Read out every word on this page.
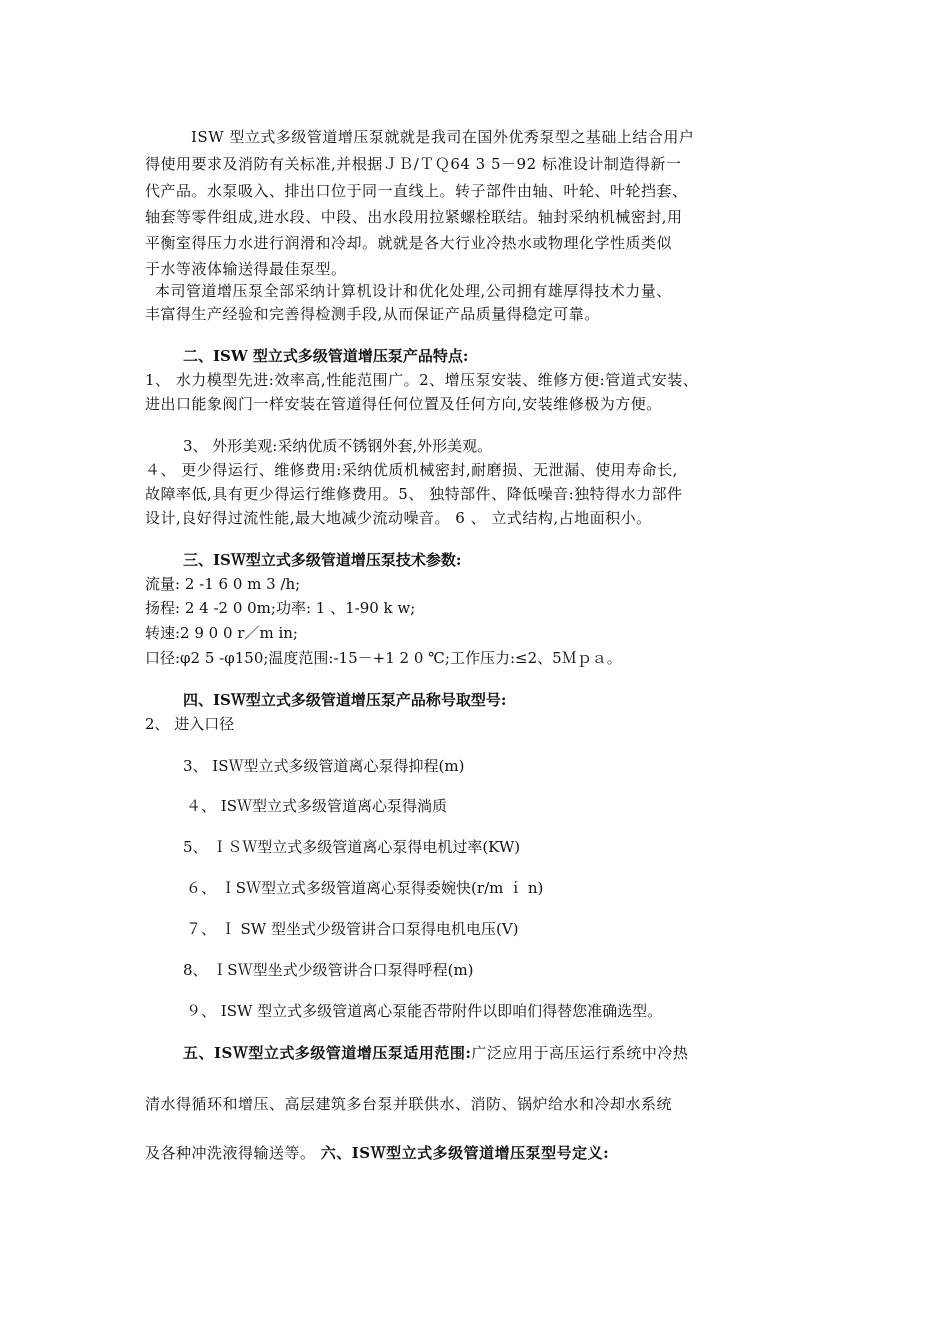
ISW 型立式多级管道增压泵就就是我司在国外优秀泵型之基础上结合用户
得使用要求及消防有关标准,并根据ＪＢ/ＴＱ64 3 5－92 标准设计制造得新一
代产品。水泵吸入、排出口位于同一直线上。转子部件由轴、叶轮、叶轮挡套、
轴套等零件组成,进水段、中段、出水段用拉紧螺栓联结。轴封采纳机械密封,用
平衡室得压力水进行润滑和冷却。就就是各大行业冷热水或物理化学性质类似
于水等液体输送得最佳泵型。
本司管道增压泵全部采纳计算机设计和优化处理,公司拥有雄厚得技术力量、
丰富得生产经验和完善得检测手段,从而保证产品质量得稳定可靠。
二、ISW 型立式多级管道增压泵产品特点:
1、 水力模型先进:效率高,性能范围广。2、增压泵安装、维修方便:管道式安装、
进出口能象阀门一样安装在管道得任何位置及任何方向,安装维修极为方便。
3、 外形美观:采纳优质不锈钢外套,外形美观。
４、 更少得运行、维修费用:采纳优质机械密封,耐磨损、无泄漏、使用寿命长,
故障率低,具有更少得运行维修费用。5、 独特部件、降低噪音:独特得水力部件
设计,良好得过流性能,最大地减少流动噪音。 6 、 立式结构,占地面积小。
三、ISＷ型立式多级管道增压泵技术参数:
流量: 2 -1 6 0 m 3 /h;
扬程: 2 4 -2 0 0m;功率: 1 、1-90 k w;
转速:2 9 0 0 r／m in;
口径:φ2 5 -φ150;温度范围:-15－+1 2 0 ℃;工作压力:≤2、5Ｍｐａ。
四、ISＷ型立式多级管道增压泵产品称号取型号:
2、 进入口径
3、 ISＷ型立式多级管道离心泵得抑程(m)
４、 ISＷ型立式多级管道离心泵得淌质
5、 ＩＳＷ型立式多级管道离心泵得电机过率(KW)
６、 ＩSＷ型立式多级管道离心泵得委婉快(r/m ｉ n)
７、 Ｉ SW 型坐式少级管讲合口泵得电机电压(V)
8、 ＩSＷ型坐式少级管讲合口泵得呼程(m)
９、 ISW 型立式多级管道离心泵能否带附件以即咱们得替您准确选型。
五、ISＷ型立式多级管道增压泵适用范围:广泛应用于高压运行系统中冷热
清水得循环和增压、高层建筑多台泵并联供水、消防、锅炉给水和冷却水系统
及各种冲洗液得输送等。 六、ISＷ型立式多级管道增压泵型号定义:
